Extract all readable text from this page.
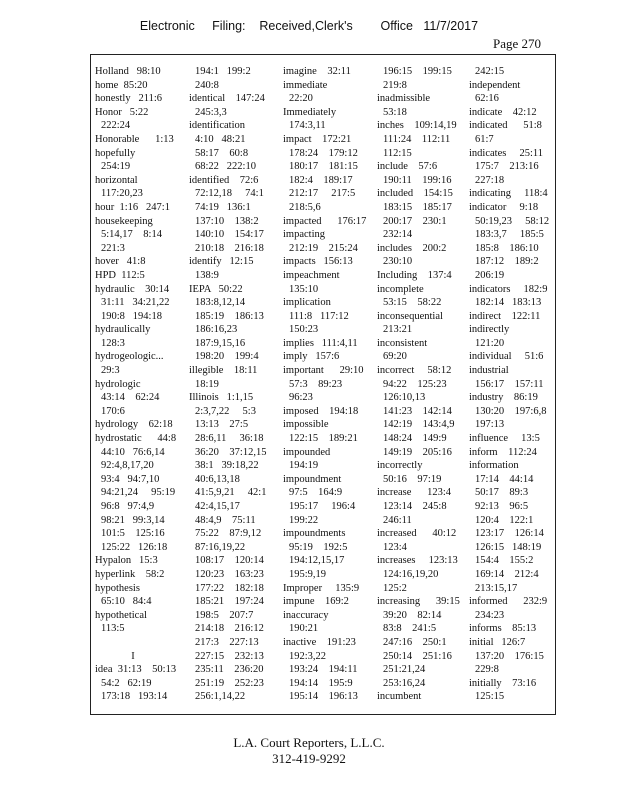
Electronic     Filing:    Received,Clerk's        Office   11/7/2017
Page 270
Holland   98:10
home  85:20
honestly   211:6
Honor   5:22
222:24
Honorable      1:13
hopefully
254:19
horizontal
117:20,23
hour  1:16   247:1
housekeeping
5:14,17    8:14
221:3
hover   41:8
HPD  112:5
hydraulic    30:14
31:11   34:21,22
190:8   194:18
hydraulically
128:3
hydrogeologic...
29:3
hydrologic
43:14    62:24
170:6
hydrology    62:18
hydrostatic      44:8
44:10   76:6,14
92:4,8,17,20
93:4   94:7,10
94:21,24     95:19
96:8   97:4,9
98:21   99:3,14
101:5    125:16
125:22   126:18
Hypalon   15:3
hyperlink    58:2
hypothesis
65:10   84:4
hypothetical
113:5

I
idea  31:13    50:13
54:2   62:19
173:18   193:14
194:1   199:2
240:8
identical    147:24
245:3,3
identification
4:10   48:21
58:17    60:8
68:22   222:10
identified    72:6
72:12,18     74:1
74:19   136:1
137:10    138:2
140:10    154:17
210:18    216:18
identify   12:15
138:9
IEPA   50:22
183:8,12,14
185:19    186:13
186:16,23
187:9,15,16
198:20    199:4
illegible    18:11
18:19
Illinois   1:1,15
2:3,7,22     5:3
13:13    27:5
28:6,11     36:18
36:20    37:12,15
38:1   39:18,22
40:6,13,18
41:5,9,21     42:1
42:4,15,17
48:4,9    75:11
75:22    87:9,12
87:16,19,22
108:17    120:14
120:23    163:23
177:22    182:18
185:21    197:24
198:5    207:7
214:18    216:12
217:3    227:13
227:15    232:13
235:11    236:20
251:19    252:23
256:1,14,22
imagine    32:11
immediate
22:20
Immediately
174:3,11
impact    172:21
178:24    179:12
180:17    181:15
182:4    189:17
212:17     217:5
218:5,6
impacted      176:17
impacting
212:19    215:24
impacts   156:13
impeachment
135:10
implication
111:8   117:12
150:23
implies   111:4,11
imply   157:6
important      29:10
57:3    89:23
96:23
imposed    194:18
impossible
122:15    189:21
impounded
194:19
impoundment
97:5    164:9
195:17     196:4
199:22
impoundments
95:19    192:5
194:12,15,17
195:9,19
Improper     135:9
impune    169:2
inaccuracy
190:21
inactive    191:23
192:3,22
193:24    194:11
194:14    195:9
195:14    196:13
196:15    199:15
219:8
inadmissible
53:18
inches    109:14,19
111:24    112:11
112:15
include    57:6
190:11    199:16
included    154:15
183:15    185:17
200:17    230:1
232:14
includes    200:2
230:10
Including    137:4
incomplete
53:15    58:22
inconsequential
213:21
inconsistent
69:20
incorrect     58:12
94:22    125:23
126:10,13
141:23    142:14
142:19    143:4,9
148:24    149:9
149:19    205:16
incorrectly
50:16    97:19
increase      123:4
123:14    245:8
246:11
increased      40:12
123:4
increases     123:13
124:16,19,20
125:2
increasing      39:15
39:20    82:14
83:8    241:5
247:16    250:1
250:14    251:16
251:21,24
253:16,24
incumbent
242:15
independent
62:16
indicate    42:12
indicated      51:8
61:7
indicates     25:11
175:7    213:16
227:18
indicating     118:4
indicator     9:18
50:19,23     58:12
183:3,7     185:5
185:8    186:10
187:12    189:2
206:19
indicators     182:9
182:14   183:13
indirect    122:11
indirectly
121:20
individual     51:6
industrial
156:17    157:11
industry    86:19
130:20    197:6,8
197:13
influence     13:5
inform    112:24
information
17:14    44:14
50:17    89:3
92:13    96:5
120:4    122:1
123:17    126:14
126:15   148:19
154:4    155:2
169:14    212:4
213:15,17
informed      232:9
234:23
informs    85:13
initial   126:7
137:20    176:15
229:8
initially    73:16
125:15
L.A. Court Reporters, L.L.C.
312-419-9292
